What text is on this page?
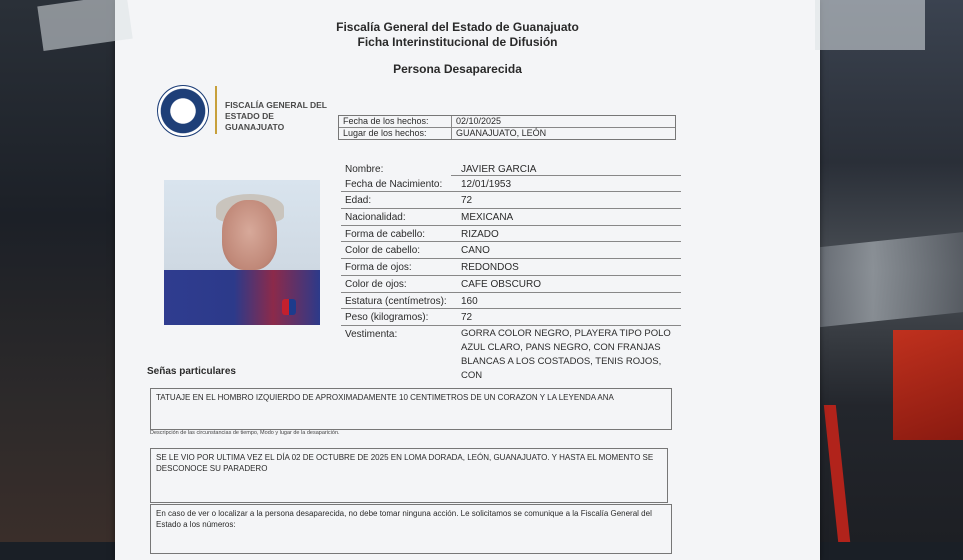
Fiscalía General del Estado de Guanajuato
Ficha Interinstitucional de Difusión
Persona Desaparecida
FISCALÍA GENERAL DEL
ESTADO DE GUANAJUATO
Fecha de los hechos:	02/10/2025
Lugar de los hechos:	GUANAJUATO, LEÓN
Nombre:	JAVIER GARCIA
Fecha de Nacimiento: 12/01/1953
Edad:	72
Nacionalidad:	MEXICANA
Forma de cabello:	RIZADO
Color de cabello:	CANO
Forma de ojos:	REDONDOS
Color de ojos:	CAFE OBSCURO
Estatura (centímetros): 160
Peso (kilogramos):	72
Vestimenta:	GORRA COLOR NEGRO, PLAYERA TIPO POLO AZUL CLARO, PANS NEGRO, CON FRANJAS BLANCAS A LOS COSTADOS, TENIS ROJOS, CON
Señas particulares
TATUAJE EN EL HOMBRO IZQUIERDO DE APROXIMADAMENTE 10 CENTIMETROS DE UN CORAZON Y LA LEYENDA ANA
Descripción de las circunstancias de tiempo, Modo y lugar de la desaparición.
SE LE VIO POR ULTIMA VEZ EL DÍA 02 DE OCTUBRE DE 2025 EN LOMA DORADA, LEÓN, GUANAJUATO. Y HASTA EL MOMENTO SE DESCONOCE SU PARADERO
En caso de ver o localizar a la persona desaparecida, no debe tomar ninguna acción. Le solicitamos se comunique a la Fiscalía General del Estado a los números:
